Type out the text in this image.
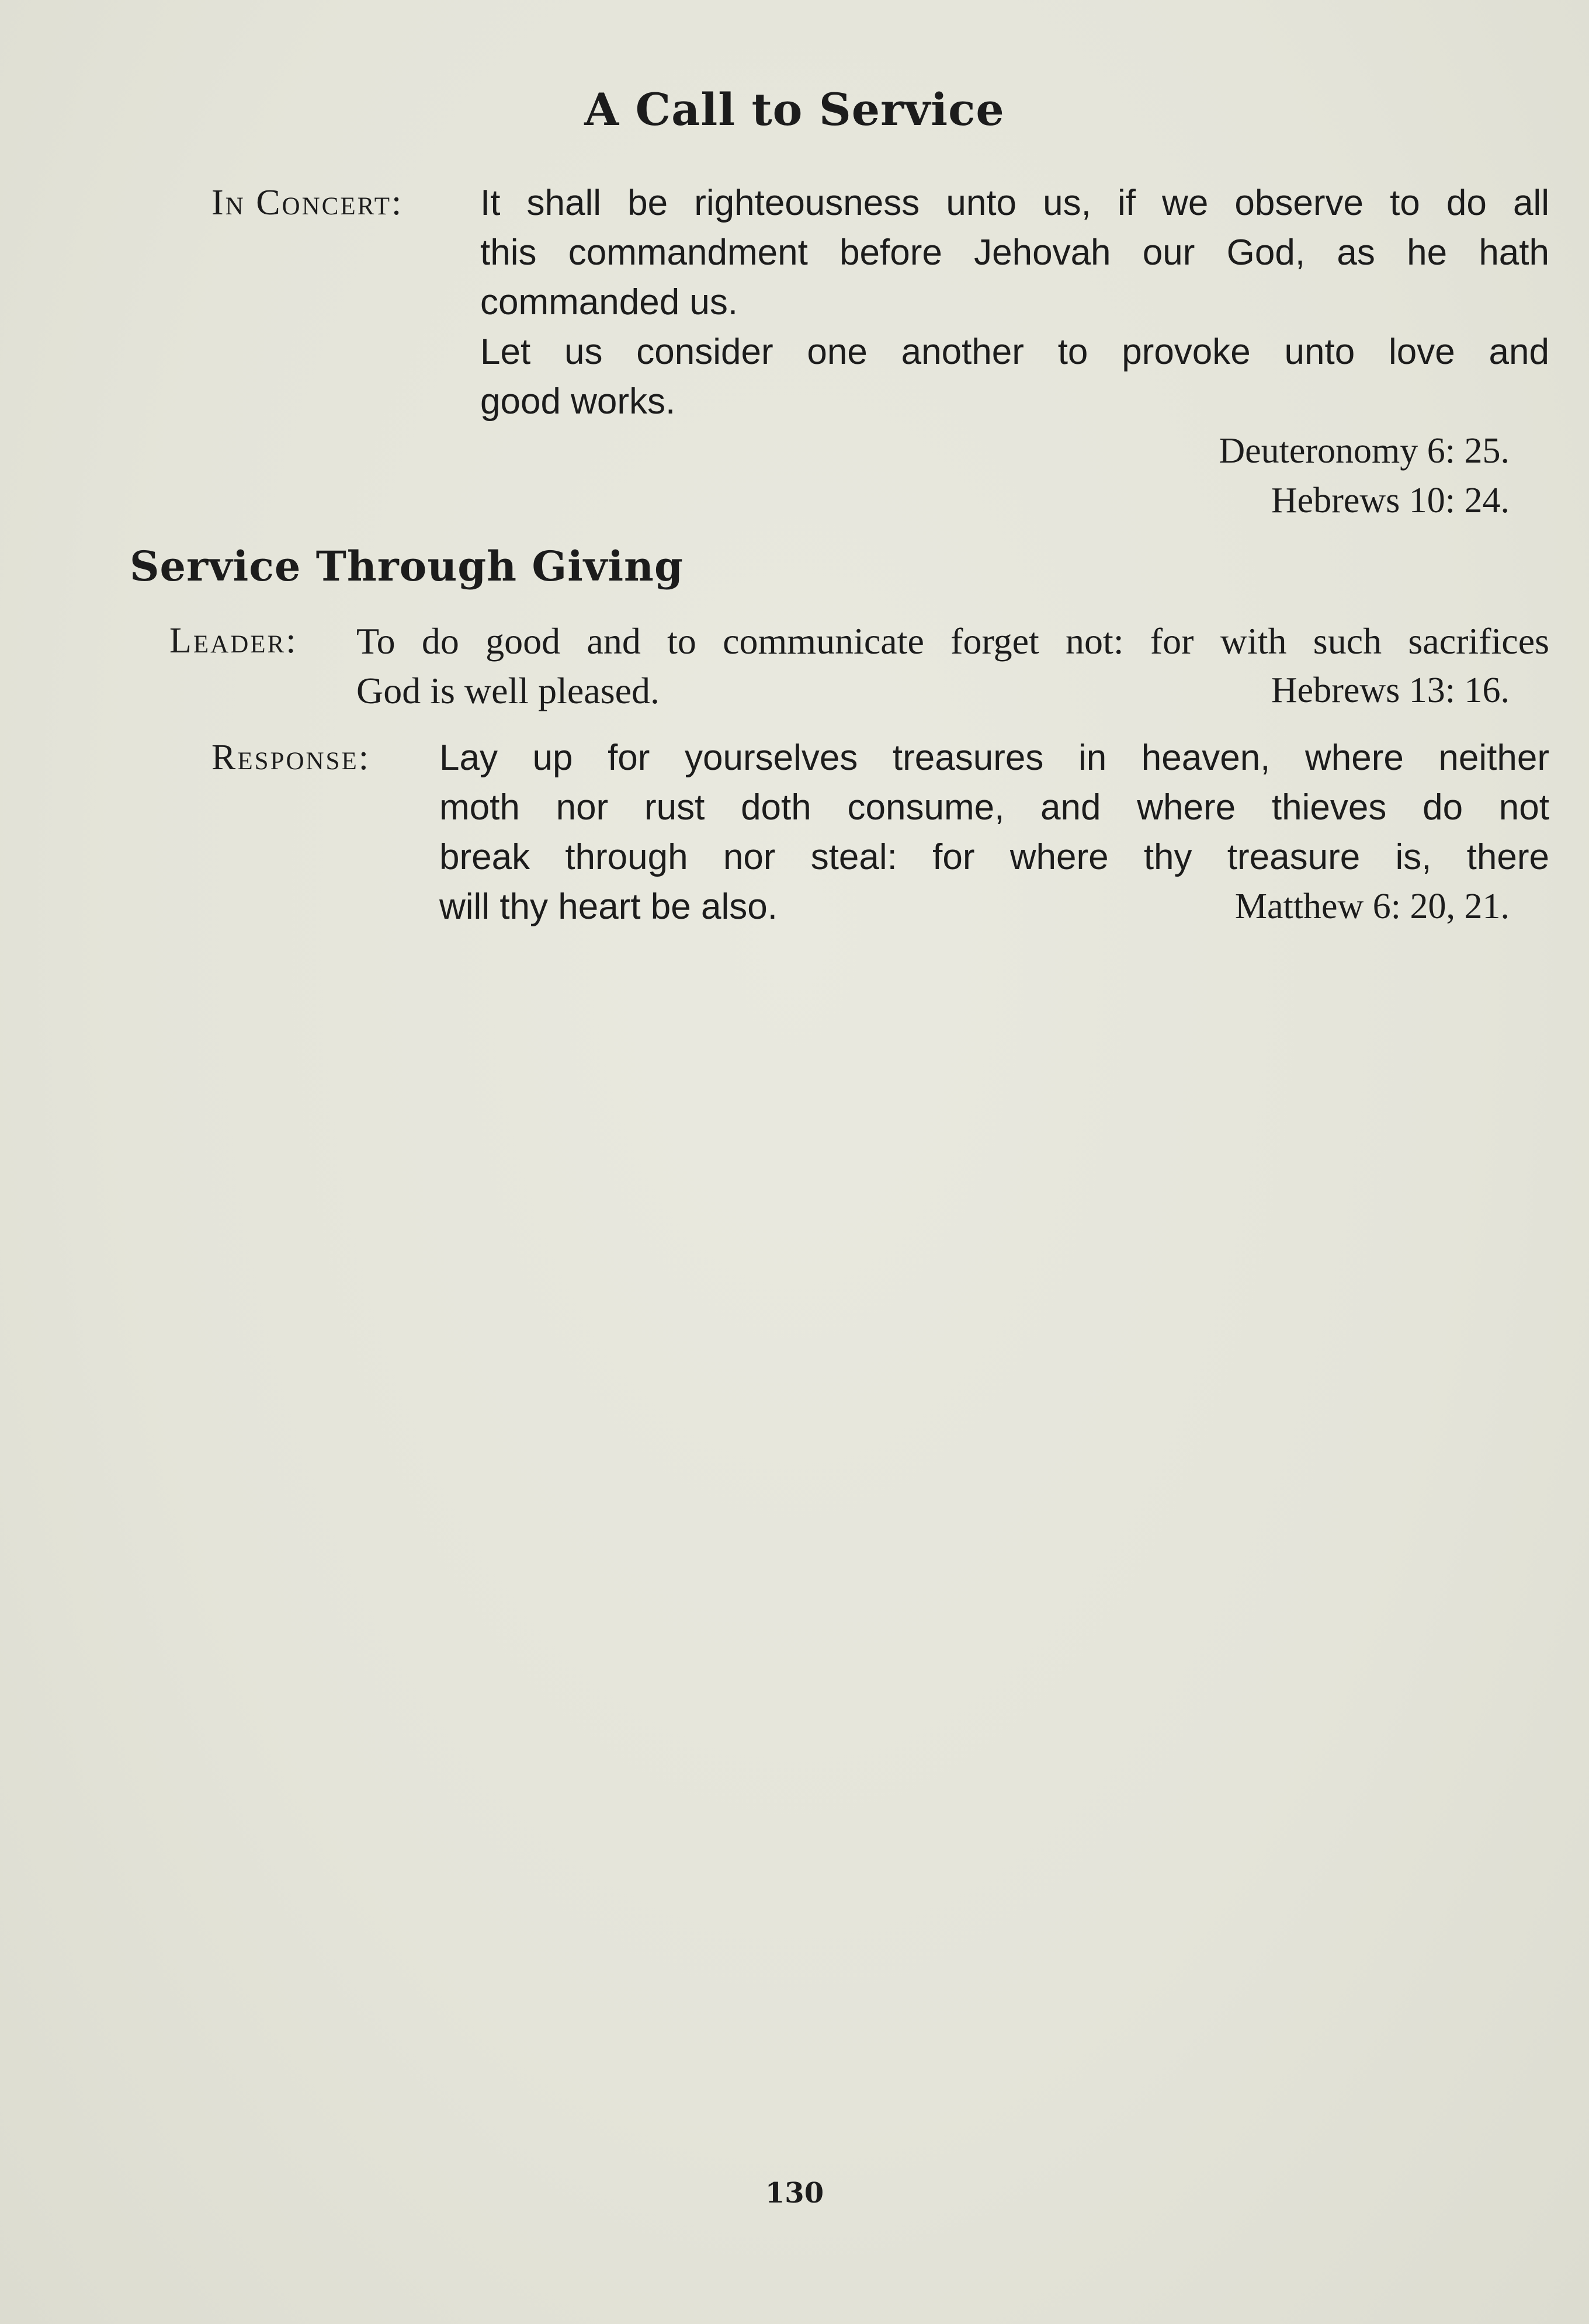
A Call to Service
In Concert: It shall be righteousness unto us, if we observe to do all
this commandment before Jehovah our God, as he hath
commanded us.
Let us consider one another to provoke unto love and
good works.
Deuteronomy 6: 25.
Hebrews 10: 24.
Service Through Giving
Leader: To do good and to communicate forget not: for with such sacrifices
God is well pleased.	Hebrews 13: 16.
Response: Lay up for yourselves treasures in heaven, where neither
moth nor rust doth consume, and where thieves do not
break through nor steal: for where thy treasure is, there
will thy heart be also.	Matthew 6: 20, 21.
130
